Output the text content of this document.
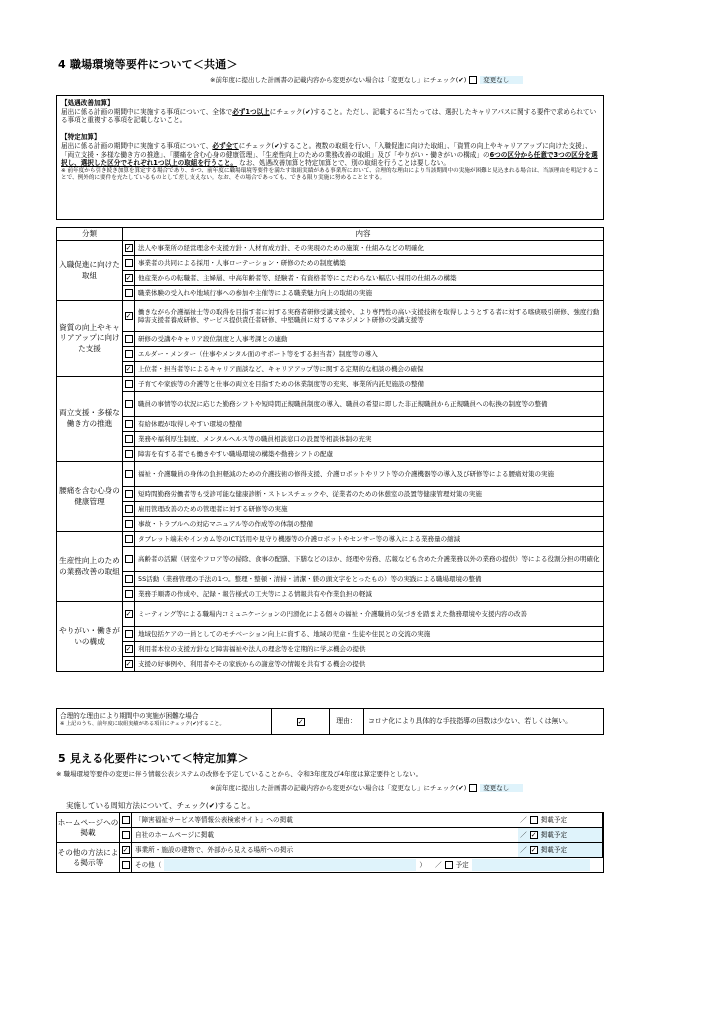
4 職場環境等要件について＜共通＞
※前年度に提出した計画書の記載内容から変更がない場合は「変更なし」にチェック(✔)	変更なし

【処遇改善加算】

届出に係る計画の期間中に実施する事項について、全体で必ず1つ以上にチェック(✔)すること。ただし、記載するに当たっては、選択したキャリアパスに関する要件で求められている事項と重複する事項を記載しないこと。

【特定加算】

届出に係る計画の期間中に実施する事項について、必ず全てにチェック(✔)すること。複数の取組を行い、「入職促進に向けた取組」、「資質の向上やキャリアアップに向けた支援」、「両立支援・多様な働き方の推進」、「腰痛を含む心身の健康管理」、「生産性向上のための業務改善の取組」及び「やりがい・働きがいの構成」の6つの区分から任意で3つの区分を選択し、選択した区分でそれぞれ1つ以上の取組を行うこと。 なお、処遇改善加算と特定加算とで、別の取組を行うことは要しない。

※ 前年度から引き続き加算を算定する場合であり、かつ、前年度に職場環境等要件を満たす取組実績がある事業所において、合理的な理由により当該期間中の実施が困難と見込まれる場合は、当該理由を明記することで、例外的に要件を充たしているものとして差し支えない。なお、その場合であっても、できる限り実施に努めることとする。

分類	内容	
入職促進に向けた取組	✓	法人や事業所の経営理念や支援方針・人材育成方針、その実現のための施策・仕組みなどの明確化
		事業者の共同による採用・人事ローテーション・研修のための制度構築
	✓	他産業からの転職者、主婦層、中高年齢者等、経験者・有資格者等にこだわらない幅広い採用の仕組みの構築
		職業体験の受入れや地域行事への参加や主催等による職業魅力向上の取組の実施
資質の向上やキャリアアップに向けた支援	✓	働きながら介護福祉士等の取得を目指す者に対する実務者研修受講支援や、より専門性の高い支援技術を取得しようとする者に対する喀痰吸引研修、強度行動障害支援者養成研修、サービス提供責任者研修、中堅職員に対するマネジメント研修の受講支援等
		研修の受講やキャリア段位制度と人事考課との連動
		エルダー・メンター（仕事やメンタル面のサポート等をする担当者）制度等の導入
	✓	上位者・担当者等によるキャリア面談など、キャリアアップ等に関する定期的な相談の機会の確保
両立支援・多様な働き方の推進		子育てや家族等の介護等と仕事の両立を目指すための休業制度等の充実、事業所内託児施設の整備
		職員の事情等の状況に応じた勤務シフトや短時間正規職員制度の導入、職員の希望に即した非正規職員から正規職員への転換の制度等の整備
		有給休暇が取得しやすい環境の整備
		業務や福利厚生制度、メンタルヘルス等の職員相談窓口の設置等相談体制の充実
		障害を有する者でも働きやすい職場環境の構築や勤務シフトの配慮
腰痛を含む心身の健康管理		福祉・介護職員の身体の負担軽減のための介護技術の修得支援、介護ロボットやリフト等の介護機器等の導入及び研修等による腰痛対策の実施
		短時間勤務労働者等も受診可能な健康診断・ストレスチェックや、従業者のための休憩室の設置等健康管理対策の実施
		雇用管理改善のための管理者に対する研修等の実施
		事故・トラブルへの対応マニュアル等の作成等の体制の整備
生産性向上のための業務改善の取組		タブレット端末やインカム等のICT活用や見守り機器等の介護ロボットやセンサー等の導入による業務量の縮減
		高齢者の活躍（居室やフロア等の掃除、食事の配膳、下膳などのほか、経理や労務、広報なども含めた介護業務以外の業務の提供）等による役割分担の明確化
		5S活動（業務管理の手法の1つ。整理・整頓・清掃・清潔・躾の頭文字をとったもの）等の実践による職場環境の整備
		業務手順書の作成や、記録・報告様式の工夫等による情報共有や作業負担の軽減
やりがい・働きがいの構成	✓	ミーティング等による職場内コミュニケーションの円滑化による個々の福祉・介護職員の気づきを踏まえた勤務環境や支援内容の改善
		地域包括ケアの一員としてのモチベーション向上に資する、地域の児童・生徒や住民との交流の実施
	✓	利用者本位の支援方針など障害福祉や法人の理念等を定期的に学ぶ機会の提供
	✓	支援の好事例や、利用者やその家族からの謝意等の情報を共有する機会の提供
合理的な理由により期間中の実施が困難な場合
※ 上記のうち、前年度に取組実績がある項目にチェック(✔)すること。	✓	理由：	コロナ化により具体的な手技指導の回数は少ない、若しくは無い。
5 見える化要件について＜特定加算＞
※ 職場環境等要件の変更に伴う情報公表システムの改修を予定していることから、令和3年度及び4年度は算定要件としない。
※前年度に提出した計画書の記載内容から変更がない場合は「変更なし」にチェック(✔)	変更なし
実施している周知方法について、チェック(✔)すること。
ホームページへの掲載		「障害福祉サービス等情報公表検索サイト」への掲載	／ 掲載予定	

		自社のホームページに掲載	／ ✓ 掲載予定	

その他の方法による掲示等	✓	事業所・施設の建物で、外部から見える場所への掲示	／ ✓ 掲載予定	

		その他（ ） ／ 予定		
